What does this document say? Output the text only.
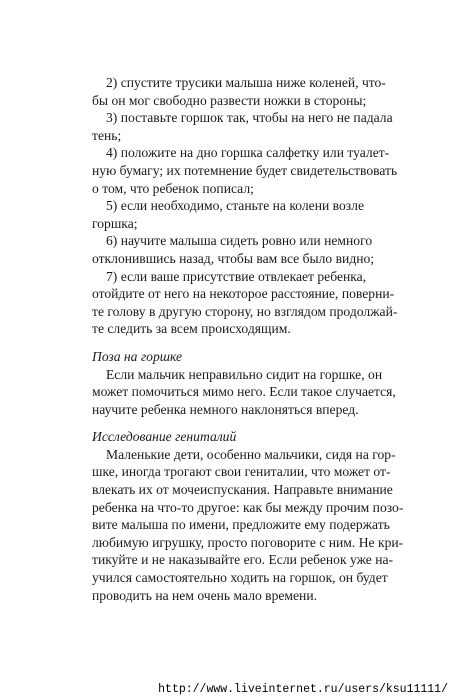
2) спустите трусики малыша ниже коленей, что-
бы он мог свободно развести ножки в стороны;
3) поставьте горшок так, чтобы на него не падала
тень;
4) положите на дно горшка салфетку или туалет-
ную бумагу; их потемнение будет свидетельствовать
о том, что ребенок пописал;
5) если необходимо, станьте на колени возле
горшка;
6) научите малыша сидеть ровно или немного
отклонившись назад, чтобы вам все было видно;
7) если ваше присутствие отвлекает ребенка,
отойдите от него на некоторое расстояние, поверни-
те голову в другую сторону, но взглядом продолжай-
те следить за всем происходящим.
Поза на горшке
Если мальчик неправильно сидит на горшке, он
может помочиться мимо него. Если такое случается,
научите ребенка немного наклоняться вперед.
Исследование гениталий
Маленькие дети, особенно мальчики, сидя на гор-
шке, иногда трогают свои гениталии, что может от-
влекать их от мочеиспускания. Направьте внимание
ребенка на что-то другое: как бы между прочим позо-
вите малыша по имени, предложите ему подержать
любимую игрушку, просто поговорите с ним. Не кри-
тикуйте и не наказывайте его. Если ребенок уже на-
учился самостоятельно ходить на горшок, он будет
проводить на нем очень мало времени.
http://www.liveinternet.ru/users/ksu11111/
